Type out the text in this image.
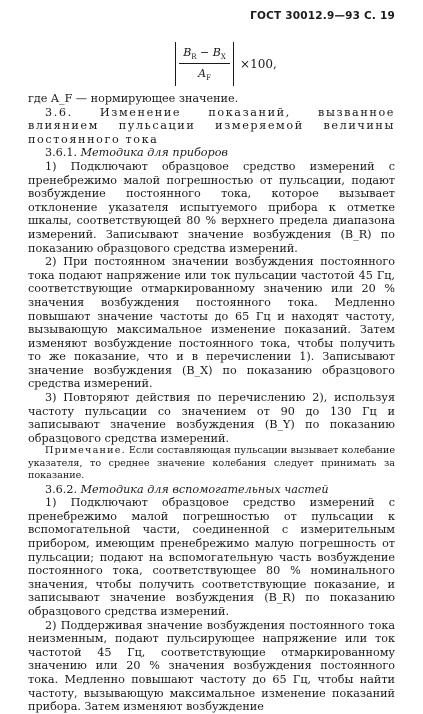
ГОСТ 30012.9—93 С. 19
$\frac{B_R - B_X}{A_F} \times 100$,

где A_F — нормирующее значение.

3.6. Изменение показаний, вызванное влиянием пульсации измеряемой величины постоянного тока

3.6.1. Методика для приборов

1) Подключают образцовое средство измерений с пренебрежимо малой погрешностью от пульсации, подают возбуждение постоянного тока, которое вызывает отклонение указателя испытуемого прибора к отметке шкалы, соответствующей 80 % верхнего предела диапазона измерений. Записывают значение возбуждения (B_R) по показанию образцового средства измерений.

2) При постоянном значении возбуждения постоянного тока подают напряжение или ток пульсации частотой 45 Гц, соответствующие отмаркированному значению или 20 % значения возбуждения постоянного тока. Медленно повышают значение частоты до 65 Гц и находят частоту, вызывающую максимальное изменение показаний. Затем изменяют возбуждение постоянного тока, чтобы получить то же показание, что и в перечислении 1). Записывают значение возбуждения (B_X) по показанию образцового средства измерений.

3) Повторяют действия по перечислению 2), используя частоту пульсации со значением от 90 до 130 Гц и записывают значение возбуждения (B_Y) по показанию образцового средства измерений.

Примечание. Если составляющая пульсации вызывает колебание указателя, то среднее значение колебания следует принимать за показание.

3.6.2. Методика для вспомогательных частей

1) Подключают образцовое средство измерений с пренебрежимо малой погрешностью от пульсации к вспомогательной части, соединенной с измерительным прибором, имеющим пренебрежимо малую погрешность от пульсации; подают на вспомогательную часть возбуждение постоянного тока, соответствующее 80 % номинального значения, чтобы получить соответствующие показание, и записывают значение возбуждения (B_R) по показанию образцового средства измерений.

2) Поддерживая значение возбуждения постоянного тока неизменным, подают пульсирующее напряжение или ток частотой 45 Гц, соответствующие отмаркированному значению или 20 % значения возбуждения постоянного тока. Медленно повышают частоту до 65 Гц, чтобы найти частоту, вызывающую максимальное изменение показаний прибора. Затем изменяют возбуждение
